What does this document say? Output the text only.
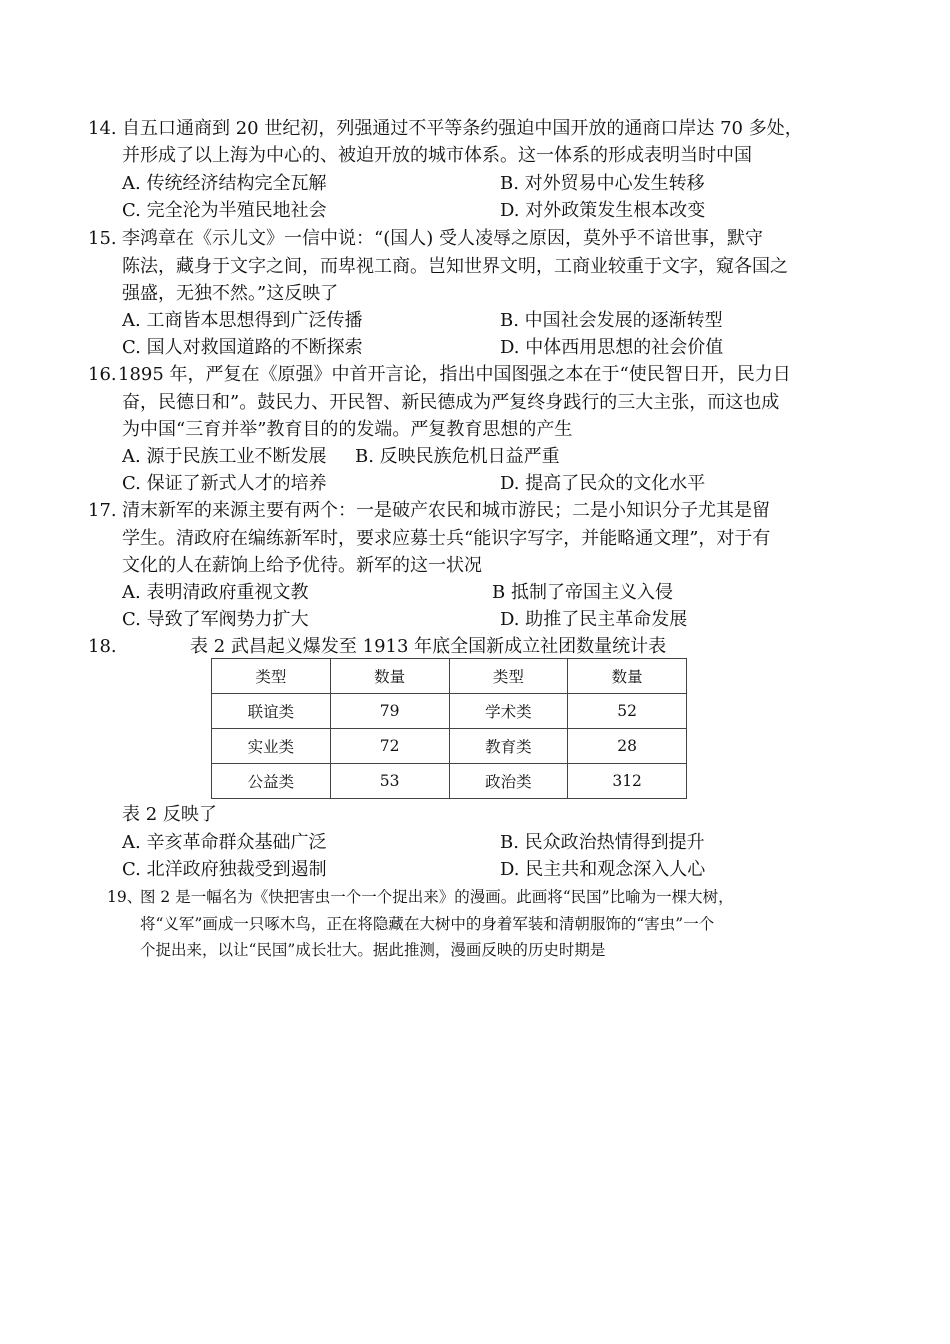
14. 自五口通商到 20 世纪初，列强通过不平等条约强迫中国开放的通商口岸达 70 多处，
并形成了以上海为中心的、被迫开放的城市体系。这一体系的形成表明当时中国
A. 传统经济结构完全瓦解	B. 对外贸易中心发生转移
C. 完全沦为半殖民地社会	D. 对外政策发生根本改变
15. 李鸿章在《示儿文》一信中说：“(国人) 受人凌辱之原因，莫外乎不谙世事，默守
陈法，藏身于文字之间，而卑视工商。岂知世界文明，工商业较重于文字，窥各国之
强盛，无独不然。”这反映了
A. 工商皆本思想得到广泛传播	B. 中国社会发展的逐渐转型
C. 国人对救国道路的不断探索	D. 中体西用思想的社会价值
16. 1895 年，严复在《原强》中首开言论，指出中国图强之本在于“使民智日开，民力日
奋，民德日和”。鼓民力、开民智、新民德成为严复终身践行的三大主张，而这也成
为中国“三育并举”教育目的的发端。严复教育思想的产生
A. 源于民族工业不断发展 B. 反映民族危机日益严重
C. 保证了新式人才的培养	D. 提高了民众的文化水平
17. 清末新军的来源主要有两个：一是破产农民和城市游民；二是小知识分子尤其是留
学生。清政府在编练新军时，要求应募士兵“能识字写字，并能略通文理”，对于有
文化的人在薪饷上给予优待。新军的这一状况
A. 表明清政府重视文教	B 抵制了帝国主义入侵
C. 导致了军阀势力扩大	D. 助推了民主革命发展
18.	表 2 武昌起义爆发至 1913 年底全国新成立社团数量统计表
类型	数量	类型	数量
联谊类	79	学术类	52
实业类	72	教育类	28
公益类	53	政治类	312
表 2 反映了
A. 辛亥革命群众基础广泛	B. 民众政治热情得到提升
C. 北洋政府独裁受到遏制	D. 民主共和观念深入人心
19、
图 2 是一幅名为《快把害虫一个一个捉出来》的漫画。此画将“民国”比喻为一棵大树，
将“义军”画成一只啄木鸟，正在将隐藏在大树中的身着军装和清朝服饰的“害虫”一个
个捉出来，以让“民国”成长壮大。据此推测，漫画反映的历史时期是
